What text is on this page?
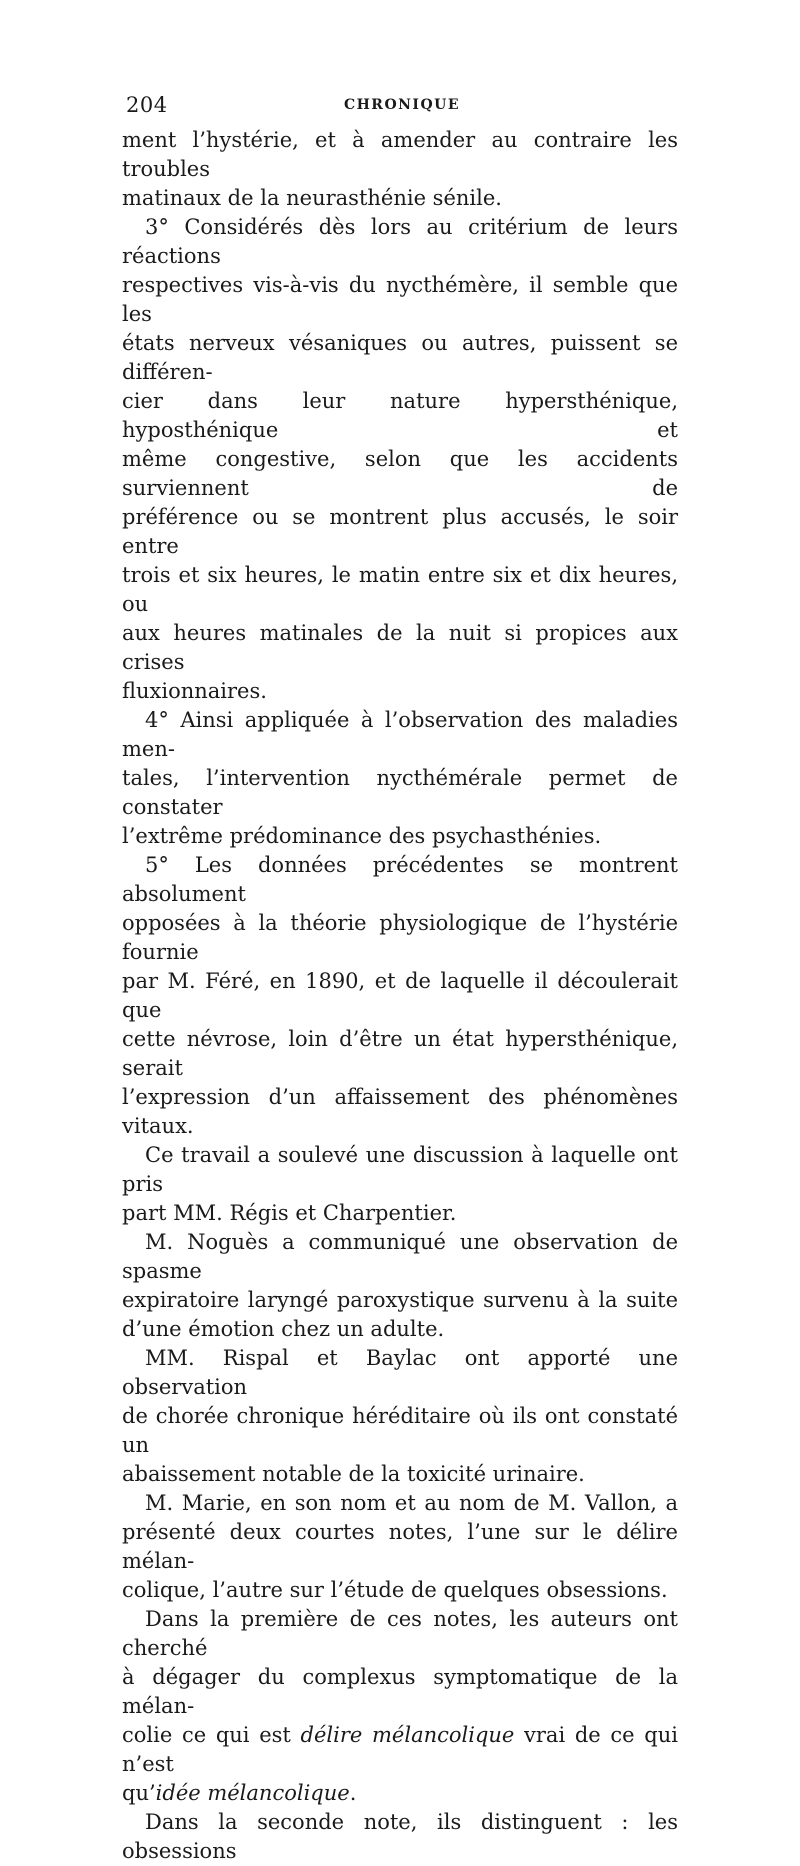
204	CHRONIQUE

ment l’hystérie, et à amender au contraire les troubles
matinaux de la neurasthénie sénile.

3° Considérés dès lors au critérium de leurs réactions
respectives vis-à-vis du nycthémère, il semble que les
états nerveux vésaniques ou autres, puissent se différen-
cier dans leur nature hypersthénique, hyposthénique et
même congestive, selon que les accidents surviennent de
préférence ou se montrent plus accusés, le soir entre
trois et six heures, le matin entre six et dix heures, ou
aux heures matinales de la nuit si propices aux crises
fluxionnaires.

4° Ainsi appliquée à l’observation des maladies men-
tales, l’intervention nycthémérale permet de constater
l’extrême prédominance des psychasthénies.

5° Les données précédentes se montrent absolument
opposées à la théorie physiologique de l’hystérie fournie
par M. Féré, en 1890, et de laquelle il découlerait que
cette névrose, loin d’être un état hypersthénique, serait
l’expression d’un affaissement des phénomènes vitaux.

Ce travail a soulevé une discussion à laquelle ont pris
part MM. Régis et Charpentier.

M. Noguès a communiqué une observation de spasme
expiratoire laryngé paroxystique survenu à la suite
d’une émotion chez un adulte.

MM. Rispal et Baylac ont apporté une observation
de chorée chronique héréditaire où ils ont constaté un
abaissement notable de la toxicité urinaire.

M. Marie, en son nom et au nom de M. Vallon, a
présenté deux courtes notes, l’une sur le délire mélan-
colique, l’autre sur l’étude de quelques obsessions.

Dans la première de ces notes, les auteurs ont cherché
à dégager du complexus symptomatique de la mélan-
colie ce qui est délire mélancolique vrai de ce qui n’est
qu’idée mélancolique.

Dans la seconde note, ils distinguent : les obsessions
